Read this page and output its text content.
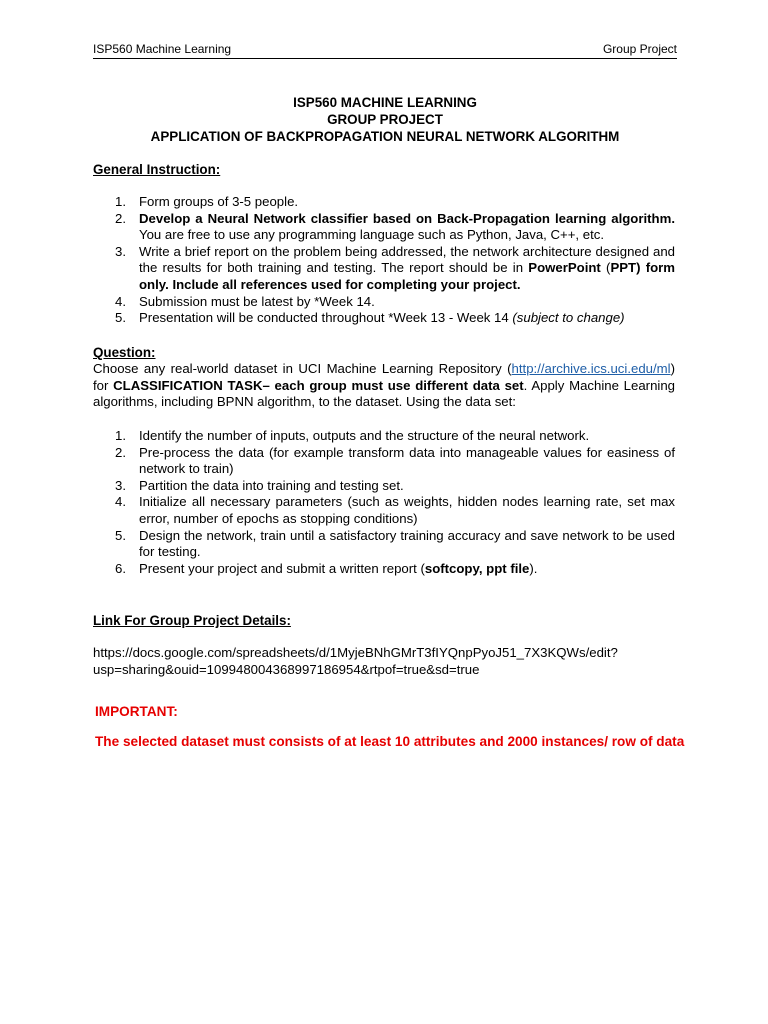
ISP560 Machine Learning	Group Project
ISP560 MACHINE LEARNING
GROUP PROJECT
APPLICATION OF BACKPROPAGATION NEURAL NETWORK ALGORITHM
General Instruction:
1. Form groups of 3-5 people.
2. Develop a Neural Network classifier based on Back-Propagation learning algorithm. You are free to use any programming language such as Python, Java, C++, etc.
3. Write a brief report on the problem being addressed, the network architecture designed and the results for both training and testing. The report should be in PowerPoint (PPT) form only. Include all references used for completing your project.
4. Submission must be latest by *Week 14.
5. Presentation will be conducted throughout *Week 13 - Week 14 (subject to change)
Question:

Choose any real-world dataset in UCI Machine Learning Repository (http://archive.ics.uci.edu/ml) for CLASSIFICATION TASK– each group must use different data set. Apply Machine Learning algorithms, including BPNN algorithm, to the dataset. Using the data set:

1. Identify the number of inputs, outputs and the structure of the neural network.
2. Pre-process the data (for example transform data into manageable values for easiness of network to train)
3. Partition the data into training and testing set.
4. Initialize all necessary parameters (such as weights, hidden nodes learning rate, set max error, number of epochs as stopping conditions)
5. Design the network, train until a satisfactory training accuracy and save network to be used for testing.
6. Present your project and submit a written report (softcopy, ppt file).
Link For Group Project Details:
https://docs.google.com/spreadsheets/d/1MyjeBNhGMrT3fIYQnpPyoJ51_7X3KQWs/edit?
usp=sharing&ouid=109948004368997186954&rtpof=true&sd=true
IMPORTANT:
The selected dataset must consists of at least 10 attributes and 2000 instances/ row of data
